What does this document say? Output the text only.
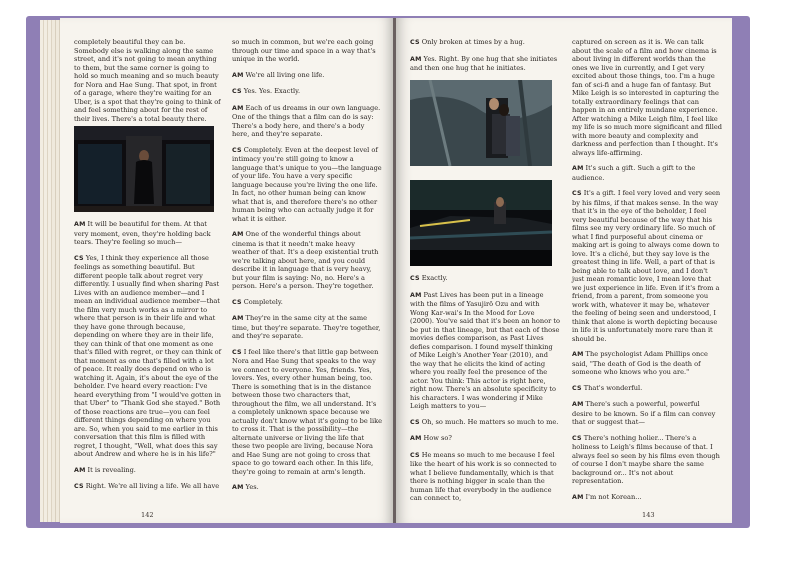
completely beautiful they can be. Somebody else is walking along the same street, and it's not going to mean anything to them, but the same corner is going to hold so much meaning and so much beauty for Nora and Hae Sung. That spot, in front of a garage, where they're waiting for an Uber, is a spot that they're going to think of and feel something about for the rest of their lives. There's a total beauty there.

AM It will be beautiful for them. At that very moment, even, they're holding back tears. They're feeling so much—

CS Yes, I think they experience all those feelings as something beautiful. But different people talk about regret very differently. I usually find when sharing Past Lives with an audience member—and I mean an individual audience member—that the film very much works as a mirror to where that person is in their life and what they have gone through because, depending on where they are in their life, they can think of that one moment as one that's filled with regret, or they can think of that moment as one that's filled with a lot of peace. It really does depend on who is watching it. Again, it's about the eye of the beholder. I've heard every reaction: I've heard everything from "I would've gotten in that Uber" to "Thank God she stayed." Both of those reactions are true—you can feel different things depending on where you are. So, when you said to me earlier in this conversation that this film is filled with regret, I thought, "Well, what does this say about Andrew and where he is in his life?"

AM It is revealing.

CS Right. We're all living a life. We all have

so much in common, but we're each going through our time and space in a way that's unique in the world.

AM We're all living one life.

CS Yes. Yes. Exactly.

AM Each of us dreams in our own language. One of the things that a film can do is say: There's a body here, and there's a body here, and they're separate.

CS Completely. Even at the deepest level of intimacy you're still going to know a language that's unique to you—the language of your life. You have a very specific language because you're living the one life. In fact, no other human being can know what that is, and therefore there's no other human being who can actually judge it for what it is either.

AM One of the wonderful things about cinema is that it needn't make heavy weather of that. It's a deep existential truth we're talking about here, and you could describe it in language that is very heavy, but your film is saying: No, no. Here's a person. Here's a person. They're together.

CS Completely.

AM They're in the same city at the same time, but they're separate. They're together, and they're separate.

CS I feel like there's that little gap between Nora and Hae Sung that speaks to the way we connect to everyone. Yes, friends. Yes, lovers. Yes, every other human being, too. There is something that is in the distance between those two characters that, throughout the film, we all understand. It's a completely unknown space because we actually don't know what it's going to be like to cross it. That is the possibility—the alternate universe or living the life that these two people are living, because Nora and Hae Sung are not going to cross that space to go toward each other. In this life, they're going to remain at arm's length.

AM Yes.

142

CS Only broken at times by a hug.

AM Yes. Right. By one hug that she initiates and then one hug that he initiates.

CS Exactly.

AM Past Lives has been put in a lineage with the films of Yasujirō Ozu and with Wong Kar-wai's In the Mood for Love (2000). You've said that it's been an honor to be put in that lineage, but that each of those movies defies comparison, as Past Lives defies comparison. I found myself thinking of Mike Leigh's Another Year (2010), and the way that he elicits the kind of acting where you really feel the presence of the actor. You think: This actor is right here, right now. There's an absolute specificity to his characters. I was wondering if Mike Leigh matters to you—

CS Oh, so much. He matters so much to me.

AM How so?

CS He means so much to me because I feel like the heart of his work is so connected to what I believe fundamentally, which is that there is nothing bigger in scale than the human life that everybody in the audience can connect to,

captured on screen as it is. We can talk about the scale of a film and how cinema is about living in different worlds than the ones we live in currently, and I get very excited about those things, too. I'm a huge fan of sci-fi and a huge fan of fantasy. But Mike Leigh is so interested in capturing the totally extraordinary feelings that can happen in an entirely mundane experience. After watching a Mike Leigh film, I feel like my life is so much more significant and filled with more beauty and complexity and darkness and perfection than I thought. It's always life-affirming.

AM It's such a gift. Such a gift to the audience.

CS It's a gift. I feel very loved and very seen by his films, if that makes sense. In the way that it's in the eye of the beholder, I feel very beautiful because of the way that his films see my very ordinary life. So much of what I find purposeful about cinema or making art is going to always come down to love. It's a cliché, but they say love is the greatest thing in life. Well, a part of that is being able to talk about love, and I don't just mean romantic love, I mean love that we just experience in life. Even if it's from a friend, from a parent, from someone you work with, whatever it may be, whatever the feeling of being seen and understood, I think that alone is worth depicting because in life it is unfortunately more rare than it should be.

AM The psychologist Adam Phillips once said, "The death of God is the death of someone who knows who you are."

CS That's wonderful.

AM There's such a powerful, powerful desire to be known. So if a film can convey that or suggest that—

CS There's nothing holier... There's a holiness to Leigh's films because of that. I always feel so seen by his films even though of course I don't maybe share the same background or... It's not about representation.

AM I'm not Korean...

143
